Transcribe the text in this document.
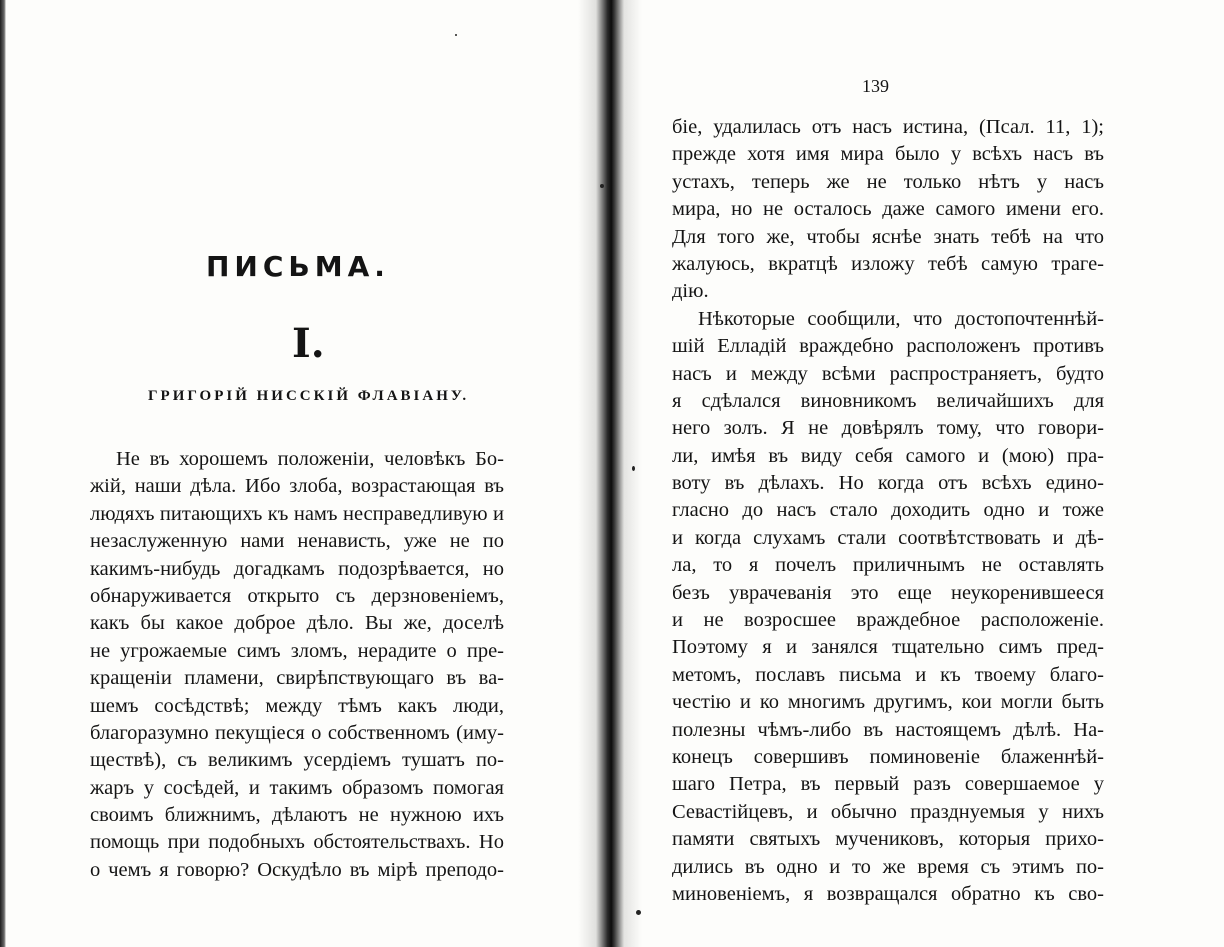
ПИСЬМА.
I.
ГРИГОРІЙ НИССКІЙ ФЛАВІАНУ.
Не въ хорошемъ положеніи, человѣкъ Бо-
жій, наши дѣла. Ибо злоба, возрастающая въ
людяхъ питающихъ къ намъ несправедливую и
незаслуженную нами ненависть, уже не по
какимъ-нибудь догадкамъ подозрѣвается, но
обнаруживается открыто съ дерзновеніемъ,
какъ бы какое доброе дѣло. Вы же, доселѣ
не угрожаемые симъ зломъ, нерадите о пре-
кращеніи пламени, свирѣпствующаго въ ва-
шемъ сосѣдствѣ; между тѣмъ какъ люди,
благоразумно пекущіеся о собственномъ (иму-
ществѣ), съ великимъ усердіемъ тушатъ по-
жаръ у сосѣдей, и такимъ образомъ помогая
своимъ ближнимъ, дѣлаютъ не нужною ихъ
помощь при подобныхъ обстоятельствахъ. Но
о чемъ я говорю? Оскудѣло въ мірѣ преподо-
139
біе, удалилась отъ насъ истина, (Псал. 11, 1);
прежде хотя имя мира было у всѣхъ насъ въ
устахъ, теперь же не только нѣтъ у насъ
мира, но не осталось даже самого имени его.
Для того же, чтобы яснѣе знать тебѣ на что
жалуюсь, вкратцѣ изложу тебѣ самую траге-
дію.
Нѣкоторые сообщили, что достопочтеннѣй-
шій Елладій враждебно расположенъ противъ
насъ и между всѣми распространяетъ, будто
я сдѣлался виновникомъ величайшихъ для
него золъ. Я не довѣрялъ тому, что говори-
ли, имѣя въ виду себя самого и (мою) пра-
воту въ дѣлахъ. Но когда отъ всѣхъ едино-
гласно до насъ стало доходить одно и тоже
и когда слухамъ стали соотвѣтствовать и дѣ-
ла, то я почелъ приличнымъ не оставлять
безъ уврачеванія это еще неукоренившееся
и не возросшее враждебное расположеніе.
Поэтому я и занялся тщательно симъ пред-
метомъ, пославъ письма и къ твоему благо-
честію и ко многимъ другимъ, кои могли быть
полезны чѣмъ-либо въ настоящемъ дѣлѣ. На-
конецъ совершивъ поминовеніе блаженнѣй-
шаго Петра, въ первый разъ совершаемое у
Севастійцевъ, и обычно празднуемыя у нихъ
памяти святыхъ мучениковъ, которыя прихо-
дились въ одно и то же время съ этимъ по-
миновеніемъ, я возвращался обратно къ сво-
